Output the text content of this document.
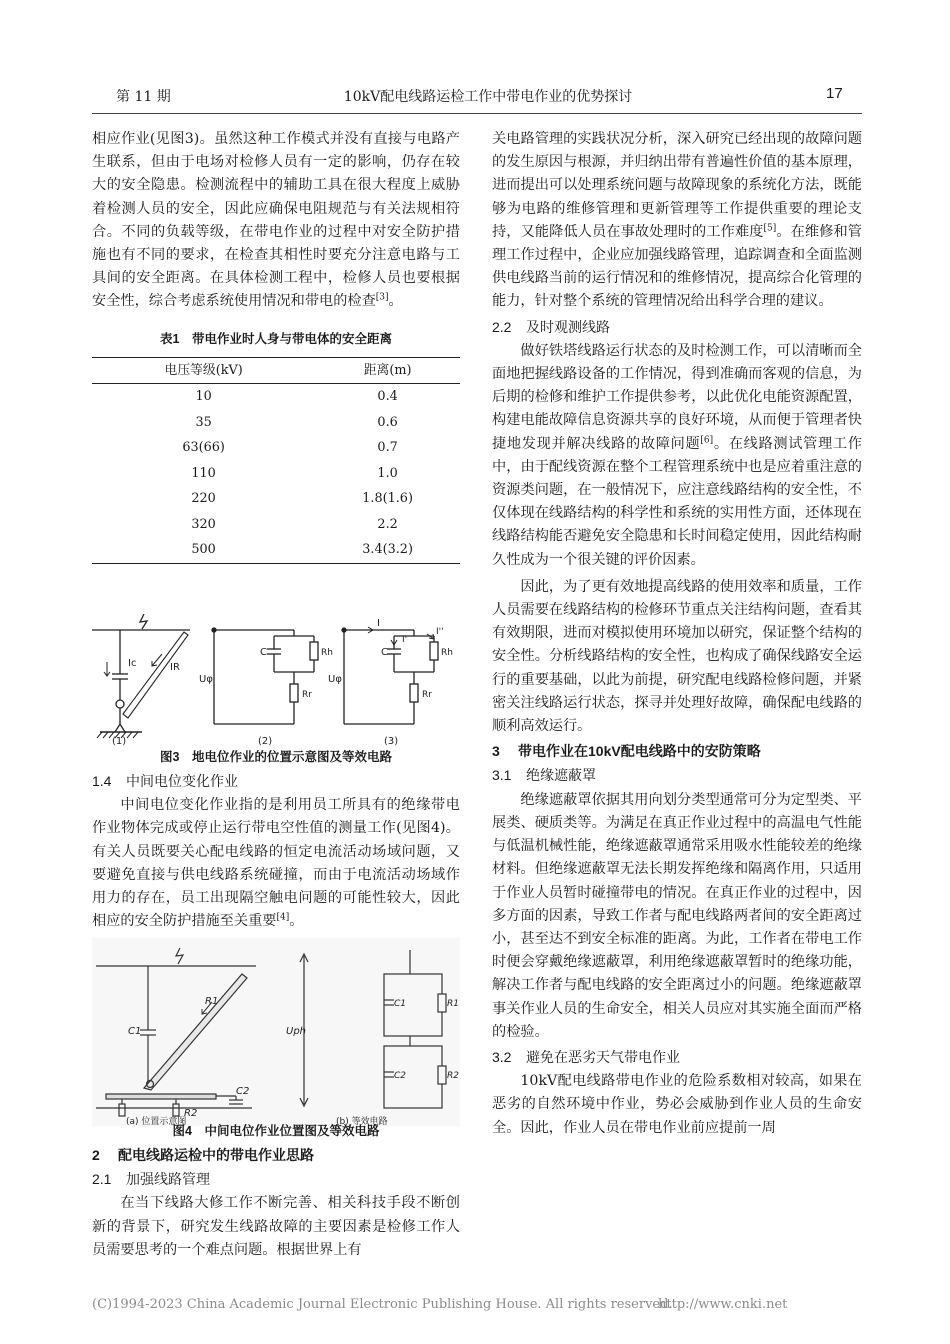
第 11 期	10kV配电线路运检工作中带电作业的优势探讨	17

相应作业(见图3)。虽然这种工作模式并没有直接与电路产生联系，但由于电场对检修人员有一定的影响，仍存在较大的安全隐患。检测流程中的辅助工具在很大程度上威胁着检测人员的安全，因此应确保电阻规范与有关法规相符合。不同的负载等级，在带电作业的过程中对安全防护措施也有不同的要求，在检查其相性时要充分注意电路与工具间的安全距离。在具体检测工程中，检修人员也要根据安全性，综合考虑系统使用情况和带电的检查[3]。

表1　带电作业时人身与带电体的安全距离
电压等级(kV)	距离(m)
10	0.4
35	0.6
63(66)	0.7
110	1.0
220	1.8(1.6)
320	2.2
500	3.4(3.2)
Ic	IR
(1)
Uφ
C	Rh
Rr
(2)
Uφ
I
I'
I''
C	Rh
Rr
(3)
图3　地电位作业的位置示意图及等效电路

1.4 中间电位变化作业

中间电位变化作业指的是利用员工所具有的绝缘带电作业物体完成或停止运行带电空性值的测量工作(见图4)。有关人员既要关心配电线路的恒定电流活动场域问题，又要避免直接与供电线路系统碰撞，而由于电流活动场域作用力的存在，员工出现隔空触电问题的可能性较大，因此相应的安全防护措施至关重要[4]。

C1
R1
R2
C2
(a) 位置示意图
Uph
C1	R1
C2	R2
(b) 等效电路
图4　中间电位作业位置图及等效电路

2 配电线路运检中的带电作业思路

2.1 加强线路管理

在当下线路大修工作不断完善、相关科技手段不断创新的背景下，研究发生线路故障的主要因素是检修工作人员需要思考的一个难点问题。根据世界上有

关电路管理的实践状况分析，深入研究已经出现的故障问题的发生原因与根源，并归纳出带有普遍性价值的基本原理，进而提出可以处理系统问题与故障现象的系统化方法，既能够为电路的维修管理和更新管理等工作提供重要的理论支持，又能降低人员在事故处理时的工作难度[5]。在维修和管理工作过程中，企业应加强线路管理，追踪调查和全面监测供电线路当前的运行情况和的维修情况，提高综合化管理的能力，针对整个系统的管理情况给出科学合理的建议。

2.2 及时观测线路

做好铁塔线路运行状态的及时检测工作，可以清晰而全面地把握线路设备的工作情况，得到准确而客观的信息，为后期的检修和维护工作提供参考，以此优化电能资源配置，构建电能故障信息资源共享的良好环境，从而便于管理者快捷地发现并解决线路的故障问题[6]。在线路测试管理工作中，由于配线资源在整个工程管理系统中也是应着重注意的资源类问题，在一般情况下，应注意线路结构的安全性，不仅体现在线路结构的科学性和系统的实用性方面，还体现在线路结构能否避免安全隐患和长时间稳定使用，因此结构耐久性成为一个很关键的评价因素。

因此，为了更有效地提高线路的使用效率和质量，工作人员需要在线路结构的检修环节重点关注结构问题，查看其有效期限，进而对模拟使用环境加以研究，保证整个结构的安全性。分析线路结构的安全性，也构成了确保线路安全运行的重要基础，以此为前提，研究配电线路检修问题，并紧密关注线路运行状态，探寻并处理好故障，确保配电线路的顺利高效运行。

3 带电作业在10kV配电线路中的安防策略

3.1 绝缘遮蔽罩

绝缘遮蔽罩依据其用向划分类型通常可分为定型类、平展类、硬质类等。为满足在真正作业过程中的高温电气性能与低温机械性能，绝缘遮蔽罩通常采用吸水性能较差的绝缘材料。但绝缘遮蔽罩无法长期发挥绝缘和隔离作用，只适用于作业人员暂时碰撞带电的情况。在真正作业的过程中，因多方面的因素，导致工作者与配电线路两者间的安全距离过小，甚至达不到安全标准的距离。为此，工作者在带电工作时便会穿戴绝缘遮蔽罩，利用绝缘遮蔽罩暂时的绝缘功能，解决工作者与配电线路的安全距离过小的问题。绝缘遮蔽罩事关作业人员的生命安全，相关人员应对其实施全面而严格的检验。

3.2 避免在恶劣天气带电作业

10kV配电线路带电作业的危险系数相对较高，如果在恶劣的自然环境中作业，势必会威胁到作业人员的生命安全。因此，作业人员在带电作业前应提前一周

(C)1994-2023 China Academic Journal Electronic Publishing House. All rights reserved.
http://www.cnki.net
